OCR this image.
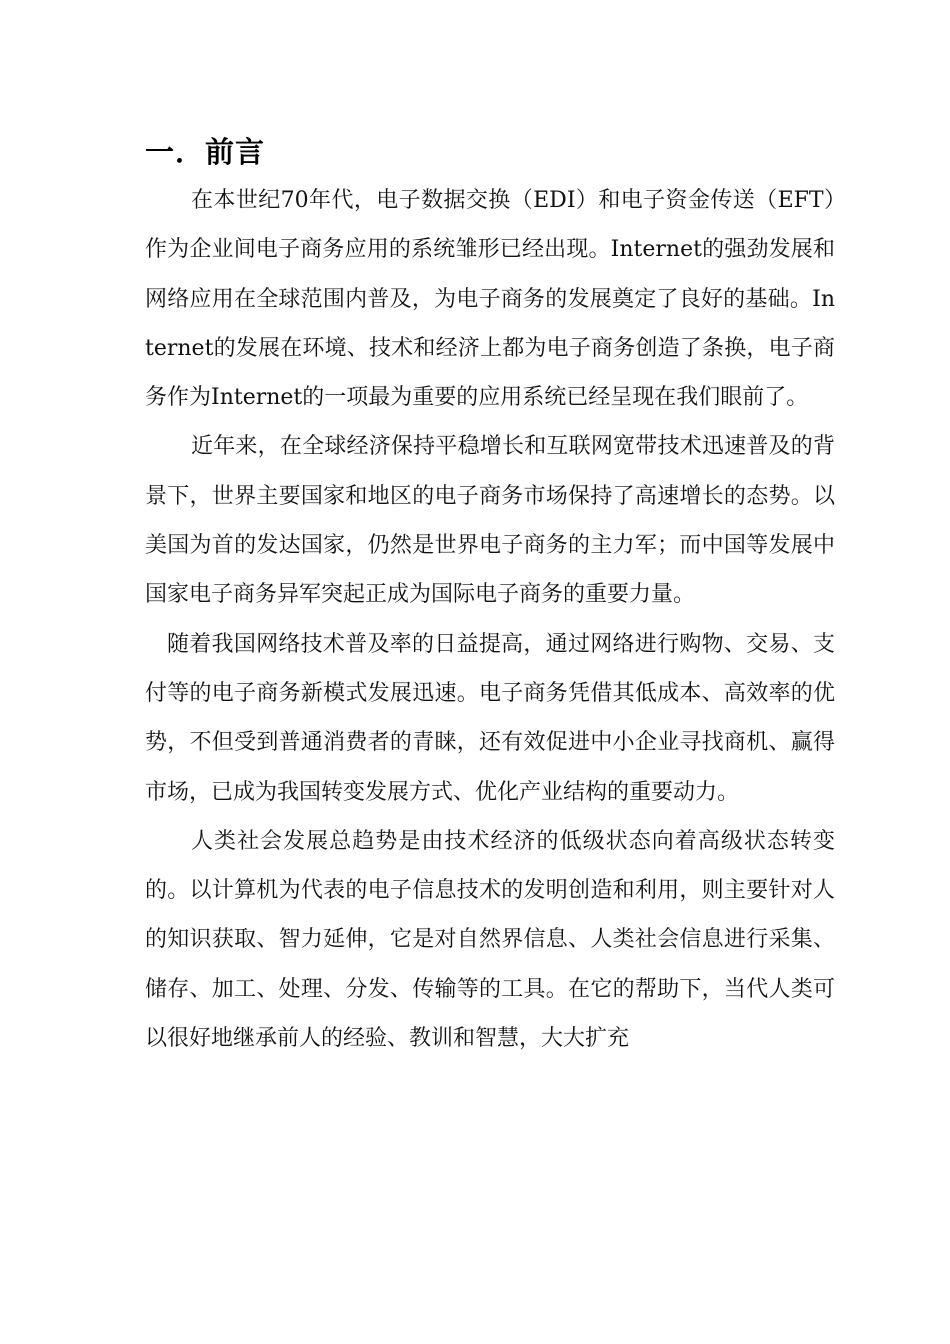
一．前言

在本世纪70年代，电子数据交换（EDI）和电子资金传送（EFT）作为企业间电子商务应用的系统雏形已经出现。Internet的强劲发展和网络应用在全球范围内普及，为电子商务的发展奠定了良好的基础。Internet的发展在环境、技术和经济上都为电子商务创造了条换，电子商务作为Internet的一项最为重要的应用系统已经呈现在我们眼前了。

近年来，在全球经济保持平稳增长和互联网宽带技术迅速普及的背景下，世界主要国家和地区的电子商务市场保持了高速增长的态势。以美国为首的发达国家，仍然是世界电子商务的主力军；而中国等发展中国家电子商务异军突起正成为国际电子商务的重要力量。

随着我国网络技术普及率的日益提高，通过网络进行购物、交易、支付等的电子商务新模式发展迅速。电子商务凭借其低成本、高效率的优势，不但受到普通消费者的青睐，还有效促进中小企业寻找商机、赢得市场，已成为我国转变发展方式、优化产业结构的重要动力。

人类社会发展总趋势是由技术经济的低级状态向着高级状态转变的。以计算机为代表的电子信息技术的发明创造和利用，则主要针对人的知识获取、智力延伸，它是对自然界信息、人类社会信息进行采集、储存、加工、处理、分发、传输等的工具。在它的帮助下，当代人类可以很好地继承前人的经验、教训和智慧，大大扩充
